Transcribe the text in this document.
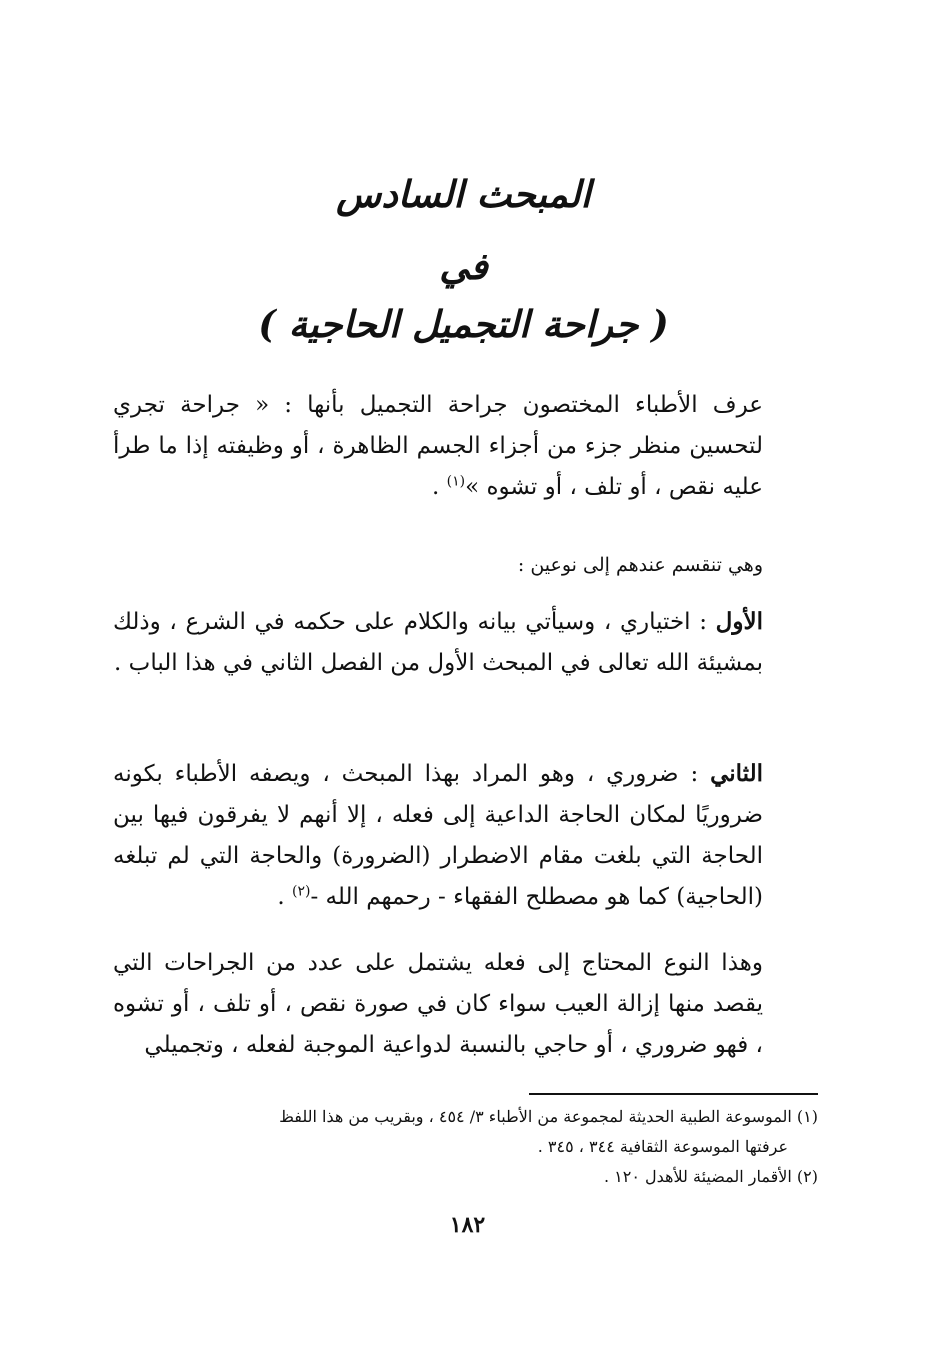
المبحث السادس
في
( جراحة التجميل الحاجية )

عرف الأطباء المختصون جراحة التجميل بأنها : « جراحة تجري لتحسين منظر جزء من أجزاء الجسم الظاهرة ، أو وظيفته إذا ما طرأ عليه نقص ، أو تلف ، أو تشوه »$^{(١)}$ .

وهي تنقسم عندهم إلى نوعين :

الأول : اختياري ، وسيأتي بيانه والكلام على حكمه في الشرع ، وذلك بمشيئة الله تعالى في المبحث الأول من الفصل الثاني في هذا الباب .

الثاني : ضروري ، وهو المراد بهذا المبحث ، ويصفه الأطباء بكونه ضروريًا لمكان الحاجة الداعية إلى فعله ، إلا أنهم لا يفرقون فيها بين الحاجة التي بلغت مقام الاضطرار (الضرورة) والحاجة التي لم تبلغه (الحاجية) كما هو مصطلح الفقهاء - رحمهم الله -$^{(٢)}$ .

وهذا النوع المحتاج إلى فعله يشتمل على عدد من الجراحات التي يقصد منها إزالة العيب سواء كان في صورة نقص ، أو تلف ، أو تشوه ، فهو ضروري ، أو حاجي بالنسبة لدواعية الموجبة لفعله ، وتجميلي

(١) الموسوعة الطبية الحديثة لمجموعة من الأطباء ٣/ ٤٥٤ ، وبقريب من هذا اللفظ

عرفتها الموسوعة الثقافية ٣٤٤ ، ٣٤٥ .

(٢) الأقمار المضيئة للأهدل ١٢٠ .

١٨٢
